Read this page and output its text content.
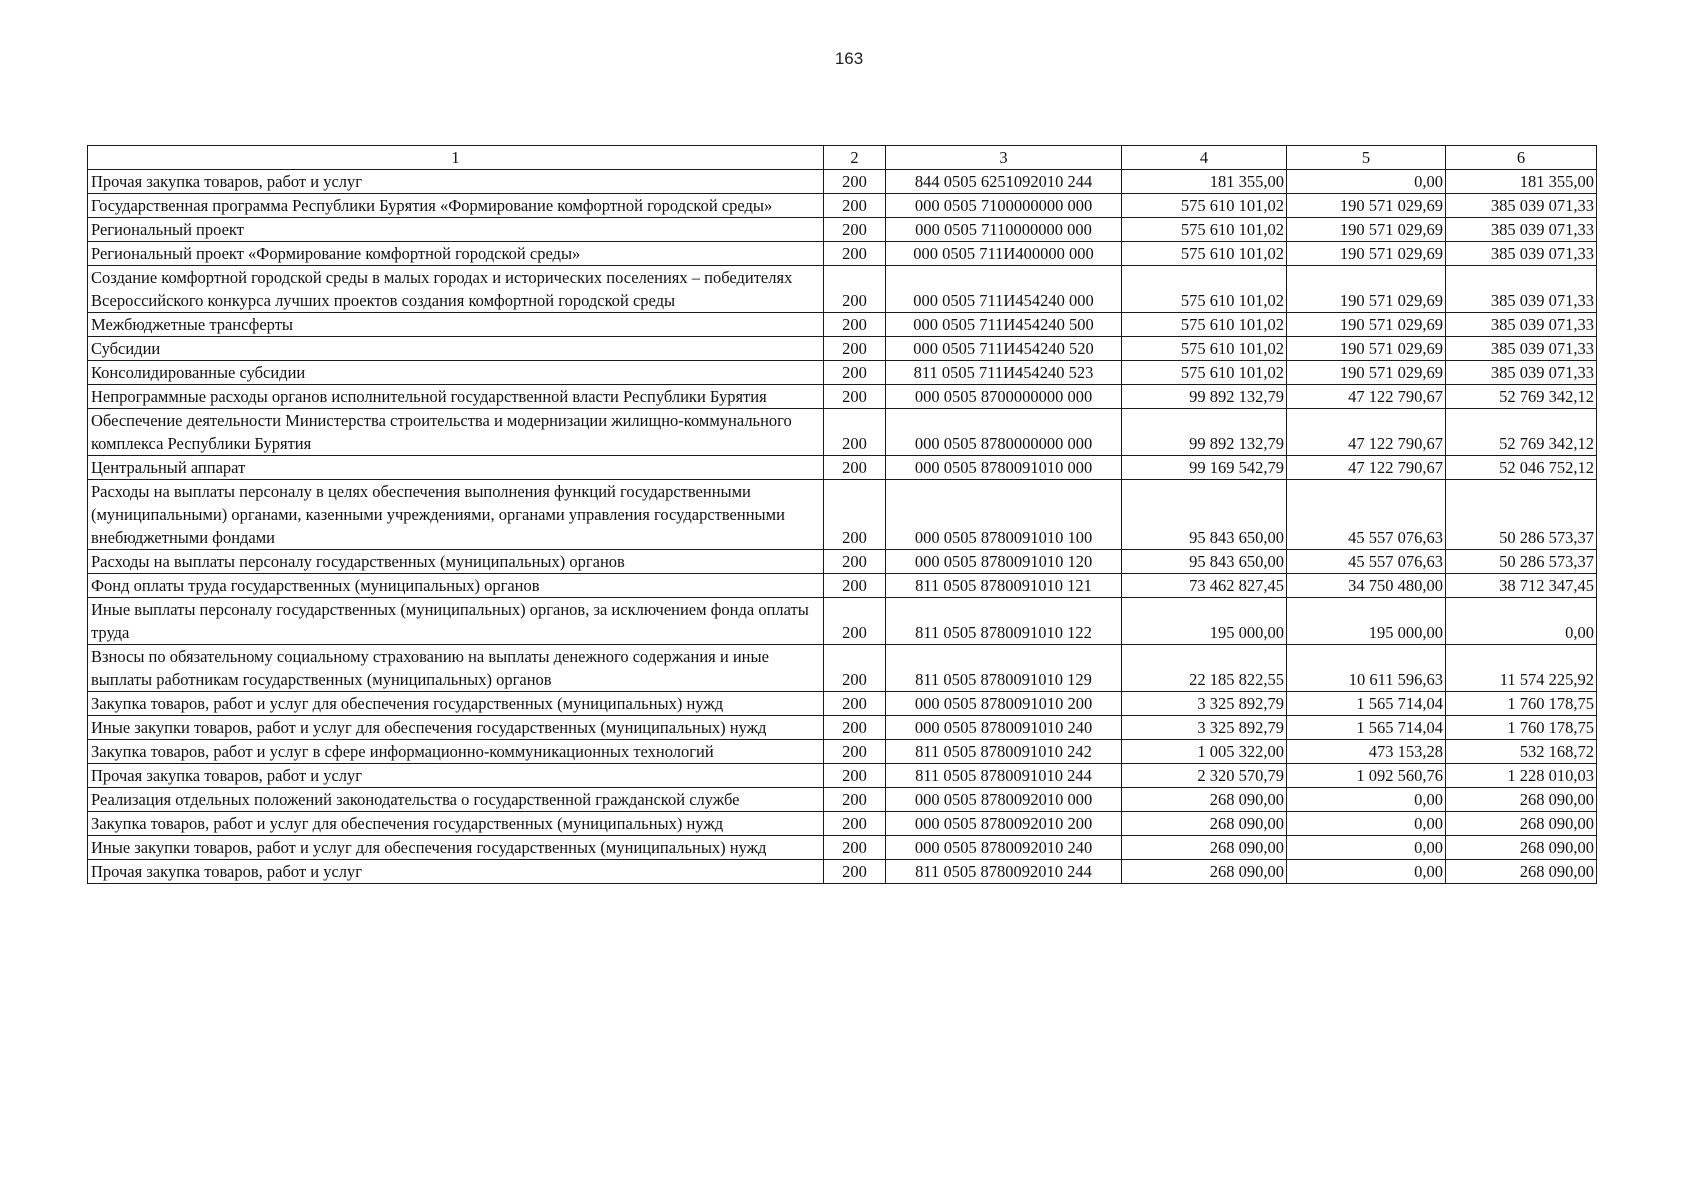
163
1	2	3	4	5	6
Прочая закупка товаров, работ и услуг	200	844 0505 6251092010 244	181 355,00	0,00	181 355,00
Государственная программа Республики Бурятия «Формирование комфортной городской среды»	200	000 0505 7100000000 000	575 610 101,02	190 571 029,69	385 039 071,33
Региональный проект	200	000 0505 7110000000 000	575 610 101,02	190 571 029,69	385 039 071,33
Региональный проект «Формирование комфортной городской среды»	200	000 0505 711И400000 000	575 610 101,02	190 571 029,69	385 039 071,33
Создание комфортной городской среды в малых городах и исторических поселениях – победителях Всероссийского конкурса лучших проектов создания комфортной городской среды	200	000 0505 711И454240 000	575 610 101,02	190 571 029,69	385 039 071,33
Межбюджетные трансферты	200	000 0505 711И454240 500	575 610 101,02	190 571 029,69	385 039 071,33
Субсидии	200	000 0505 711И454240 520	575 610 101,02	190 571 029,69	385 039 071,33
Консолидированные субсидии	200	811 0505 711И454240 523	575 610 101,02	190 571 029,69	385 039 071,33
Непрограммные расходы органов исполнительной государственной власти Республики Бурятия	200	000 0505 8700000000 000	99 892 132,79	47 122 790,67	52 769 342,12
Обеспечение деятельности Министерства строительства и модернизации жилищно-коммунального комплекса Республики Бурятия	200	000 0505 8780000000 000	99 892 132,79	47 122 790,67	52 769 342,12
Центральный аппарат	200	000 0505 8780091010 000	99 169 542,79	47 122 790,67	52 046 752,12
Расходы на выплаты персоналу в целях обеспечения выполнения функций государственными (муниципальными) органами, казенными учреждениями, органами управления государственными внебюджетными фондами	200	000 0505 8780091010 100	95 843 650,00	45 557 076,63	50 286 573,37
Расходы на выплаты персоналу государственных (муниципальных) органов	200	000 0505 8780091010 120	95 843 650,00	45 557 076,63	50 286 573,37
Фонд оплаты труда государственных (муниципальных) органов	200	811 0505 8780091010 121	73 462 827,45	34 750 480,00	38 712 347,45
Иные выплаты персоналу государственных (муниципальных) органов, за исключением фонда оплаты труда	200	811 0505 8780091010 122	195 000,00	195 000,00	0,00
Взносы по обязательному социальному страхованию на выплаты денежного содержания и иные выплаты работникам государственных (муниципальных) органов	200	811 0505 8780091010 129	22 185 822,55	10 611 596,63	11 574 225,92
Закупка товаров, работ и услуг для обеспечения государственных (муниципальных) нужд	200	000 0505 8780091010 200	3 325 892,79	1 565 714,04	1 760 178,75
Иные закупки товаров, работ и услуг для обеспечения государственных (муниципальных) нужд	200	000 0505 8780091010 240	3 325 892,79	1 565 714,04	1 760 178,75
Закупка товаров, работ и услуг в сфере информационно-коммуникационных технологий	200	811 0505 8780091010 242	1 005 322,00	473 153,28	532 168,72
Прочая закупка товаров, работ и услуг	200	811 0505 8780091010 244	2 320 570,79	1 092 560,76	1 228 010,03
Реализация отдельных положений законодательства о государственной гражданской службе	200	000 0505 8780092010 000	268 090,00	0,00	268 090,00
Закупка товаров, работ и услуг для обеспечения государственных (муниципальных) нужд	200	000 0505 8780092010 200	268 090,00	0,00	268 090,00
Иные закупки товаров, работ и услуг для обеспечения государственных (муниципальных) нужд	200	000 0505 8780092010 240	268 090,00	0,00	268 090,00
Прочая закупка товаров, работ и услуг	200	811 0505 8780092010 244	268 090,00	0,00	268 090,00
